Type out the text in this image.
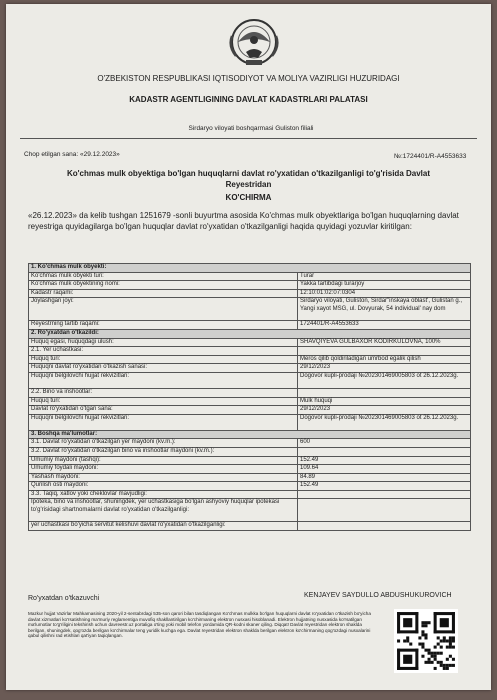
O'ZBEKISTON RESPUBLIKASI IQTISODIYOT VA MOLIYA VAZIRLIGI HUZURIDAGI
KADASTR AGENTLIGINING DAVLAT KADASTRLARI PALATASI
Sirdaryo viloyati boshqarmasi Guliston filiali
Chop etilgan sana: «29.12.2023»	№:1724401/R-A4553633
Ko'chmas mulk obyektiga bo'lgan huquqlarni davlat ro'yxatidan o'tkazilganligi to'g'risida Davlat Reyestridan
KO'CHIRMA
«26.12.2023» da kelib tushgan 1251679 -sonli buyurtma asosida Ko'chmas mulk obyektlariga bo'lgan huquqlarning davlat reyestriga quyidagilarga bo'lgan huquqlar davlat ro'yxatidan o'tkazilganligi haqida quyidagi yozuvlar kiritilgan:
1. Ko'chmas mulk obyekti:	
Ko'chmas mulk obyekti turi:	Turar
Ko'chmas mulk obyektining nomi:	Yakka tartibdagi turarjoy
Kadastr raqami:	12:10:01:02:07:0304
Joylashgan joyi:	Sirdaryo viloyati, Guliston, Sirdar"inskaya oblast', Gulistan g., Yangi xayot MSG, ul. Dovyurak, 54 individual' nay dom
Reyestrning tartib raqami:	1724401/R-A4553633
2. Ro'yxatdan o'tkazildi:	
Huquq egasi, huquqdagi ulush:	SHAVQIYEVA GULBAXOR KODIRKULOVNA, 100%
2.1. Yer uchastkasi:	
Huquq turi:	Meros qilib qoldiriladigan umrbod egalik qilish
Huquqni davlat ro'yxatidan o'tkazish sanasi:	29/12/2023
Huquqni belgilovchi hujjat rekvizitlari:	Dogovor kupli-prodaji №202301469005803 ot 26.12.2023g.
2.2. Bino va inshootlar:	
Huquq turi:	Mulk huquqi
Davlat ro'yxatidan o'tgan sana:	29/12/2023
Huquqni belgilovchi hujjat rekvizitlari:	Dogovor kupli-prodaji №202301469005803 ot 26.12.2023g.
3. Boshqa ma'lumotlar:	
3.1. Davlat ro'yxatidan o'tkazilgan yer maydoni (kv.m.):	600
3.2. Davlat ro'yxatidan o'tkazilgan bino va inshootlar maydoni (kv.m.):	
Umumiy maydoni (tashqi):	152.49
Umumiy foydali maydoni:	109.64
Yashash maydoni:	84.89
Qurilish osti maydoni:	152.49
3.3. Taqiq, xatlov yoki cheklovlar mavjudligi:	
Ipoteka, bino va inshootlar, shuningdek, yer uchastkasiga bo'lgan ashyoviy huquqlar ipotekasi to'g'risidagi shartnomalarni davlat ro'yxatidan o'tkazilganligi:	
yer uchastkasi bo'yicha servitut kelishuvi davlat ro'yxatidan o'tkazilganligi:	
Ro'yxatdan o'tkazuvchi	KENJAYEV SAYDULLO ABDUSHUKUROVICH
Mazkur hujjat Vazirlar Mahkamasining 2020-yil 2-sentabrdagi 535-son qarori bilan tasdiqlangan Ko'chmas mulkka bo'lgan huquqlarni davlat ro'yxatidan o'tkazish bo'yicha davlat xizmatlari ko'rsatishning ma'muriy reglamentiga muvofiq shakllantirilgan ko'chirmaning elektron nusxasi hisoblanadi. Elektron hujjatning nusxasida ko'rsatilgan ma'lumotlar to'g'riligini tekshirish uchun davreestr.uz portaliga o'ting yoki mobil telefon yordamida QR-kodni skaner qiling. Diqqat! Davlat reyestridan elektron shaklda berilgan, shuningdek, qog'ozda berilgan ko'chirmalar teng yuridik kuchga ega. Davlat reyestridan elektron shaklda berilgan elektron ko'chirmaning qog'ozdagi nusxalarini qabul qilishni rad etishlari qat'iyan taqiqlangan.
